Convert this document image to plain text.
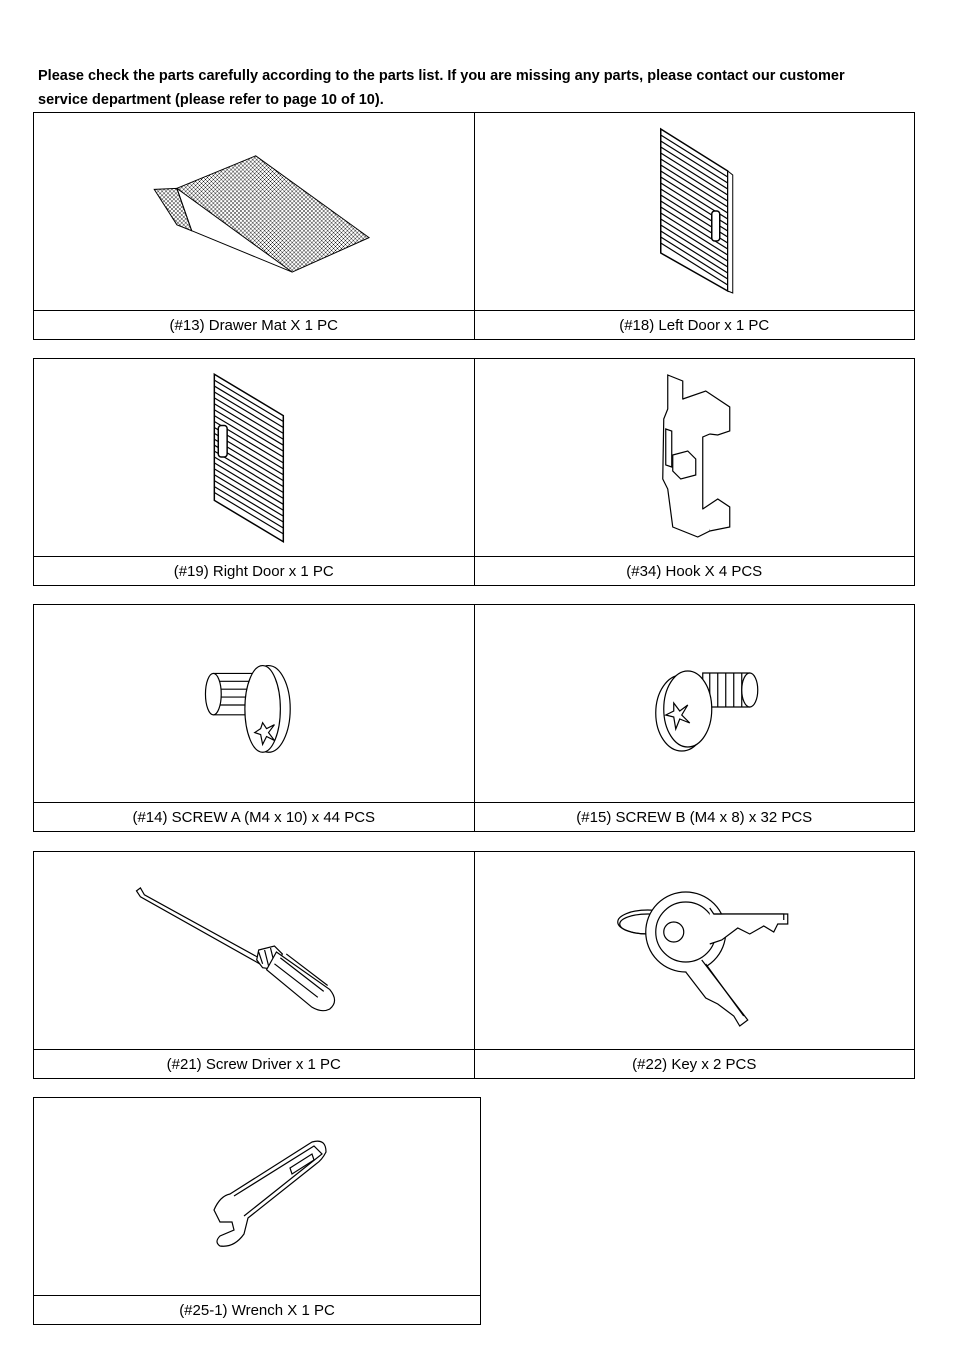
Please check the parts carefully according to the parts list. If you are missing any parts, please contact our customer service department (please refer to page 10 of 10).
(#13) Drawer Mat X 1 PC	(#18) Left Door x 1 PC
(#19) Right Door x 1 PC	(#34) Hook X 4 PCS
(#14) SCREW A (M4 x 10) x 44 PCS	(#15) SCREW B (M4 x 8) x 32 PCS
(#21) Screw Driver x 1 PC	(#22) Key x 2 PCS
(#25-1) Wrench X 1 PC
